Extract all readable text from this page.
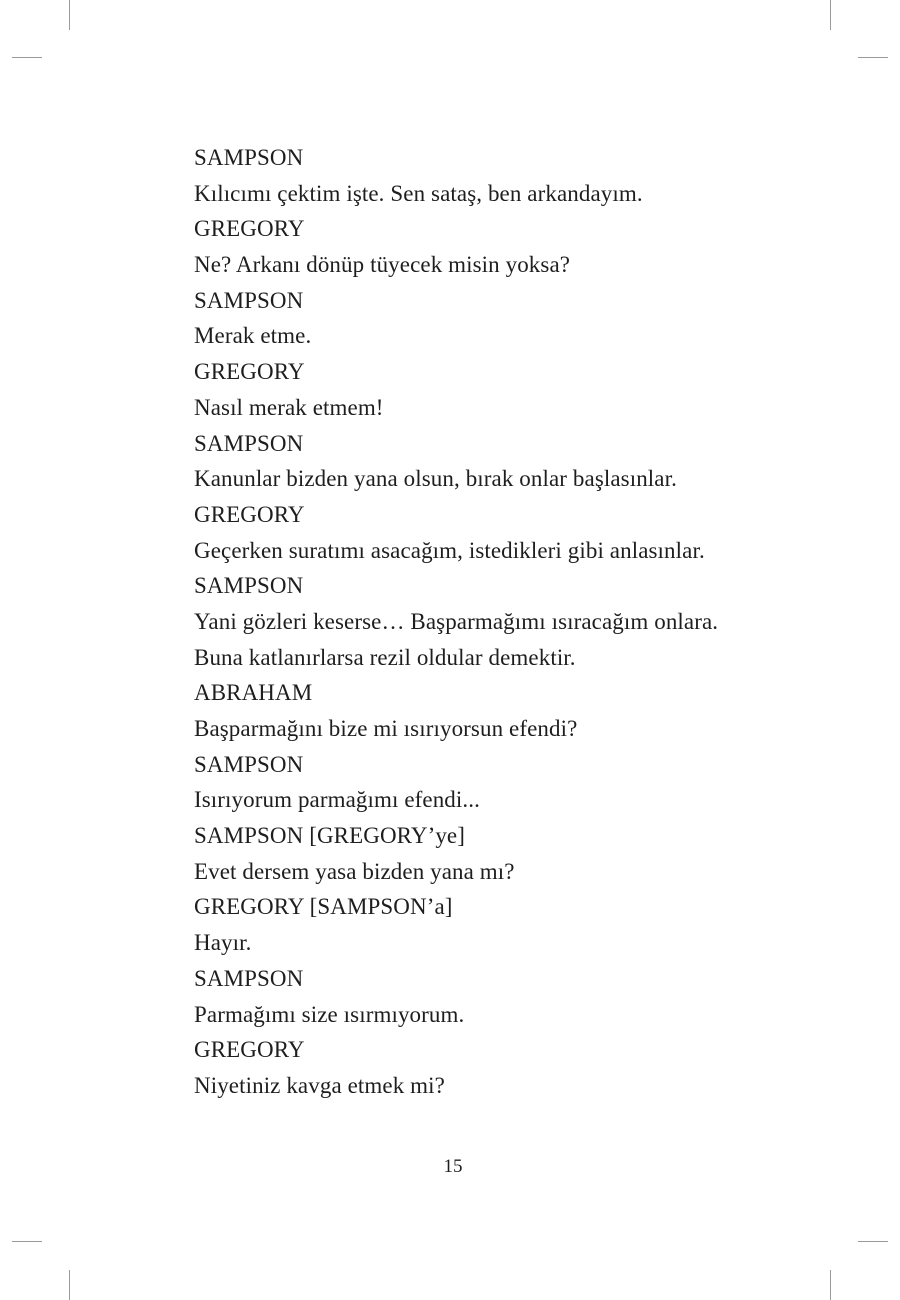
SAMPSON
Kılıcımı çektim işte. Sen sataş, ben arkandayım.
GREGORY
Ne? Arkanı dönüp tüyecek misin yoksa?
SAMPSON
Merak etme.
GREGORY
Nasıl merak etmem!
SAMPSON
Kanunlar bizden yana olsun, bırak onlar başlasınlar.
GREGORY
Geçerken suratımı asacağım, istedikleri gibi anlasınlar.
SAMPSON
Yani gözleri keserse… Başparmağımı ısıracağım onlara.
Buna katlanırlarsa rezil oldular demektir.
ABRAHAM
Başparmağını bize mi ısırıyorsun efendi?
SAMPSON
Isırıyorum parmağımı efendi...
SAMPSON [GREGORY’ye]
Evet dersem yasa bizden yana mı?
GREGORY [SAMPSON’a]
Hayır.
SAMPSON
Parmağımı size ısırmıyorum.
GREGORY
Niyetiniz kavga etmek mi?
15
